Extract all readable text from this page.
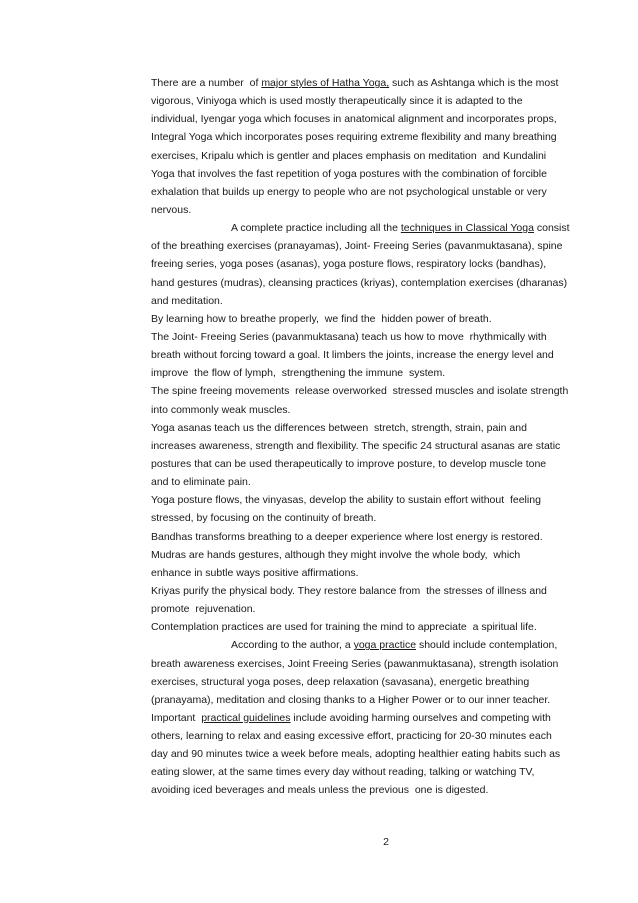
There are a number  of major styles of Hatha Yoga, such as Ashtanga which is the most
vigorous, Viniyoga which is used mostly therapeutically since it is adapted to the
individual, Iyengar yoga which focuses in anatomical alignment and incorporates props,
Integral Yoga which incorporates poses requiring extreme flexibility and many breathing
exercises, Kripalu which is gentler and places emphasis on meditation  and Kundalini
Yoga that involves the fast repetition of yoga postures with the combination of forcible
exhalation that builds up energy to people who are not psychological unstable or very
nervous.
A complete practice including all the techniques in Classical Yoga consist
of the breathing exercises (pranayamas), Joint- Freeing Series (pavanmuktasana), spine
freeing series, yoga poses (asanas), yoga posture flows, respiratory locks (bandhas),
hand gestures (mudras), cleansing practices (kriyas), contemplation exercises (dharanas)
and meditation.
By learning how to breathe properly,  we find the  hidden power of breath.
The Joint- Freeing Series (pavanmuktasana) teach us how to move  rhythmically with
breath without forcing toward a goal. It limbers the joints, increase the energy level and
improve  the flow of lymph,  strengthening the immune  system.
The spine freeing movements  release overworked  stressed muscles and isolate strength
into commonly weak muscles.
Yoga asanas teach us the differences between  stretch, strength, strain, pain and
increases awareness, strength and flexibility. The specific 24 structural asanas are static
postures that can be used therapeutically to improve posture, to develop muscle tone
and to eliminate pain.
Yoga posture flows, the vinyasas, develop the ability to sustain effort without  feeling
stressed, by focusing on the continuity of breath.
Bandhas transforms breathing to a deeper experience where lost energy is restored.
Mudras are hands gestures, although they might involve the whole body,  which
enhance in subtle ways positive affirmations.
Kriyas purify the physical body. They restore balance from  the stresses of illness and
promote  rejuvenation.
Contemplation practices are used for training the mind to appreciate  a spiritual life.
According to the author, a yoga practice should include contemplation,
breath awareness exercises, Joint Freeing Series (pawanmuktasana), strength isolation
exercises, structural yoga poses, deep relaxation (savasana), energetic breathing
(pranayama), meditation and closing thanks to a Higher Power or to our inner teacher.
Important  practical guidelines include avoiding harming ourselves and competing with
others, learning to relax and easing excessive effort, practicing for 20-30 minutes each
day and 90 minutes twice a week before meals, adopting healthier eating habits such as
eating slower, at the same times every day without reading, talking or watching TV,
avoiding iced beverages and meals unless the previous  one is digested.
2
